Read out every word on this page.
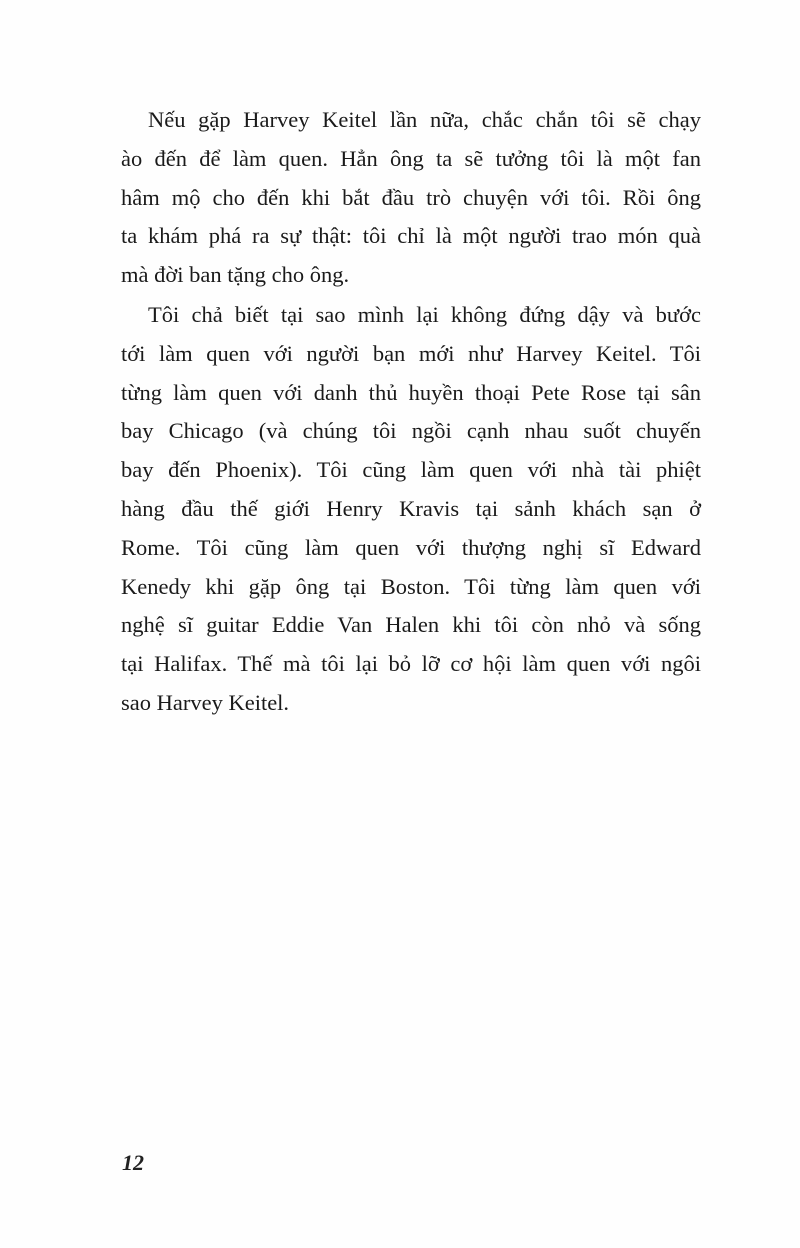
Nếu gặp Harvey Keitel lần nữa, chắc chắn tôi sẽ chạy
ào đến để làm quen. Hẳn ông ta sẽ tưởng tôi là một fan
hâm mộ cho đến khi bắt đầu trò chuyện với tôi. Rồi ông
ta khám phá ra sự thật: tôi chỉ là một người trao món quà
mà đời ban tặng cho ông.
Tôi chả biết tại sao mình lại không đứng dậy và bước
tới làm quen với người bạn mới như Harvey Keitel. Tôi
từng làm quen với danh thủ huyền thoại Pete Rose tại sân
bay Chicago (và chúng tôi ngồi cạnh nhau suốt chuyến
bay đến Phoenix). Tôi cũng làm quen với nhà tài phiệt
hàng đầu thế giới Henry Kravis tại sảnh khách sạn ở
Rome. Tôi cũng làm quen với thượng nghị sĩ Edward
Kenedy khi gặp ông tại Boston. Tôi từng làm quen với
nghệ sĩ guitar Eddie Van Halen khi tôi còn nhỏ và sống
tại Halifax. Thế mà tôi lại bỏ lỡ cơ hội làm quen với ngôi
sao Harvey Keitel.
12
